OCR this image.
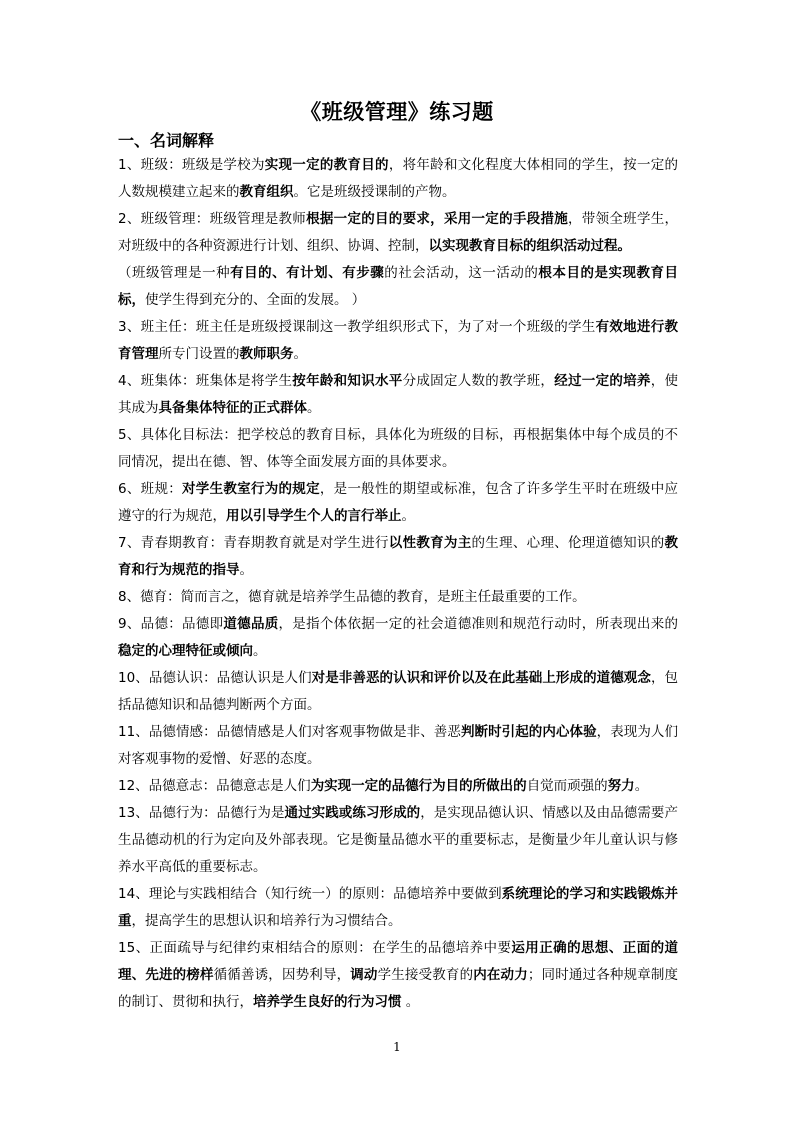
《班级管理》练习题
一、名词解释

1、班级：班级是学校为实现一定的教育目的，将年龄和文化程度大体相同的学生，按一定的人数规模建立起来的教育组织。它是班级授课制的产物。

2、班级管理：班级管理是教师根据一定的目的要求，采用一定的手段措施，带领全班学生，对班级中的各种资源进行计划、组织、协调、控制，以实现教育目标的组织活动过程。

（班级管理是一种有目的、有计划、有步骤的社会活动，这一活动的根本目的是实现教育目标，使学生得到充分的、全面的发展。 ）

3、班主任：班主任是班级授课制这一教学组织形式下，为了对一个班级的学生有效地进行教育管理所专门设置的教师职务。

4、班集体：班集体是将学生按年龄和知识水平分成固定人数的教学班，经过一定的培养，使其成为具备集体特征的正式群体。

5、具体化目标法：把学校总的教育目标，具体化为班级的目标，再根据集体中每个成员的不同情况，提出在德、智、体等全面发展方面的具体要求。

6、班规：对学生教室行为的规定，是一般性的期望或标准，包含了许多学生平时在班级中应遵守的行为规范，用以引导学生个人的言行举止。

7、青春期教育：青春期教育就是对学生进行以性教育为主的生理、心理、伦理道德知识的教育和行为规范的指导。

8、德育：简而言之，德育就是培养学生品德的教育，是班主任最重要的工作。

9、品德：品德即道德品质，是指个体依据一定的社会道德准则和规范行动时，所表现出来的稳定的心理特征或倾向。

10、品德认识：品德认识是人们对是非善恶的认识和评价以及在此基础上形成的道德观念，包括品德知识和品德判断两个方面。

11、品德情感：品德情感是人们对客观事物做是非、善恶判断时引起的内心体验，表现为人们对客观事物的爱憎、好恶的态度。

12、品德意志：品德意志是人们为实现一定的品德行为目的所做出的自觉而顽强的努力。

13、品德行为：品德行为是通过实践或练习形成的，是实现品德认识、情感以及由品德需要产生品德动机的行为定向及外部表现。它是衡量品德水平的重要标志，是衡量少年儿童认识与修养水平高低的重要标志。

14、理论与实践相结合（知行统一）的原则：品德培养中要做到系统理论的学习和实践锻炼并重，提高学生的思想认识和培养行为习惯结合。

15、正面疏导与纪律约束相结合的原则：在学生的品德培养中要运用正确的思想、正面的道理、先进的榜样循循善诱，因势利导，调动学生接受教育的内在动力；同时通过各种规章制度的制订、贯彻和执行，培养学生良好的行为习惯 。

1
